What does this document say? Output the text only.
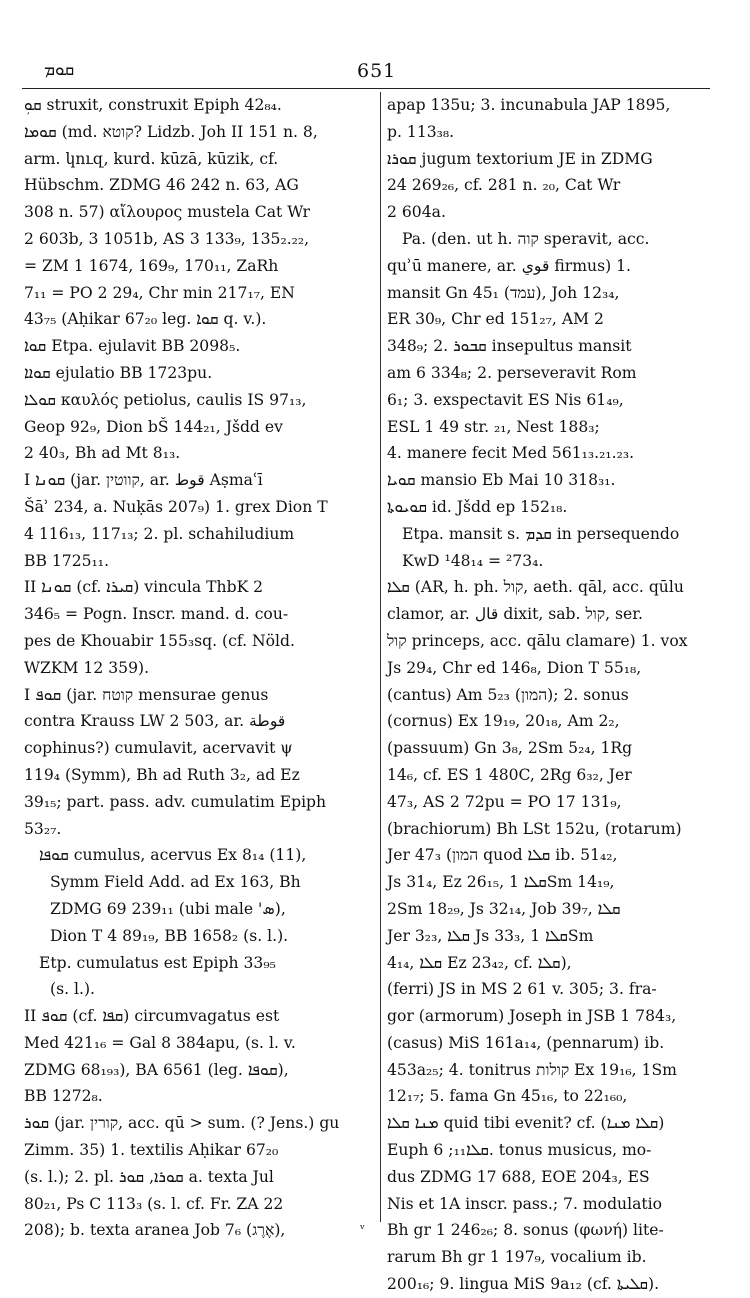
ܩܘܡ	651
ܩܘܼ struxit, construxit Epiph 42₈₄.
ܩܘܡܐ (md. קוטא? Lidzb. Joh II 151 n. 8,
arm. կուզ, kurd. kūzā, kūzik, cf.
Hübschm. ZDMG 46 242 n. 63, AG
308 n. 57) αἴλουρος mustela Cat Wr
2 603b, 3 1051b, AS 3 133₉, 135₂.₂₂,
= ZM 1 1674, 169₉, 170₁₁, ZaRh
7₁₁ = PO 2 29₄, Chr min 217₁₇, EN
43₇₅ (Aḥikar 67₂₀ leg. ܩܘܐ q. v.).
ܩܘܐ Etpa. ejulavit BB 2098₅.
ܩܘܐܐ ejulatio BB 1723pu.
ܩܘܠܐ καυλός petiolus, caulis IS 97₁₃,
Geop 92₉, Dion bŠ 144₂₁, Jšdd ev
2 40₃, Bh ad Mt 8₁₃.
I ܩܘܢܐ (jar. קווטין, ar. قوط Aṣmaʿī
Šāʾ 234, a. Nuḳās 207₉) 1. grex Dion T
4 116₁₃, 117₁₃; 2. pl. schahiludium
BB 1725₁₁.
II ܩܘܢܐ (cf. ܩܝܪܐ) vincula ThbK 2
346₅ = Pogn. Inscr. mand. d. cou-
pes de Khouabir 155₃sq. (cf. Nöld.
WZKM 12 359).
I ܩܘܦ (jar. קוטח mensurae genus
contra Krauss LW 2 503, ar. قوطة
cophinus?) cumulavit, acervavit ψ
119₄ (Symm), Bh ad Ruth 3₂, ad Ez
39₁₅; part. pass. adv. cumulatim Epiph
53₂₇.
ܩܘܦܐ cumulus, acervus Ex 8₁₄ (11),
Symm Field Add. ad Ex 163, Bh
ZDMG 69 239₁₁ (ubi male 'ܣ),
Dion T 4 89₁₉, BB 1658₂ (s. l.).
Etp. cumulatus est Epiph 33₉₅
(s. l.).
II ܩܘܦ (cf. ܩܦܐ) circumvagatus est
Med 421₁₆ = Gal 8 384apu, (s. l. v.
ZDMG 68₁₉₃), BA 6561 (leg. ܩܘܦܐ),
BB 1272₈.
ܩܘܪ (jar. קורין, acc. qū > sum. (? Jens.) gu
Zimm. 35) 1. textilis Aḥikar 67₂₀
(s. l.); 2. pl. ܩܘܪܐ, ܩܘܪ a. texta Jul
80₂₁, Ps C 113₃ (s. l. cf. Fr. ZA 22
208); b. texta aranea Job 7₆ (אֶרֶג),
apap 135u; 3. incunabula JAP 1895,
p. 113₃₈.
ܩܘܪܐ jugum textorium JE in ZDMG
24 269₂₆, cf. 281 n. ₂₀, Cat Wr
2 604a.
Pa. (den. ut h. קוה speravit, acc.
quʾū manere, ar. قوي firmus) 1.
mansit Gn 45₁ (עמד), Joh 12₃₄,
ER 30₉, Chr ed 151₂₇, AM 2
348₉; 2. ܩܒܘܪ insepultus mansit
am 6 334₈; 2. perseveravit Rom
6₁; 3. exspectavit ES Nis 61₄₉,
ESL 1 49 str. ₂₁, Nest 188₃;
4. manere fecit Med 561₁₃.₂₁.₂₃.
ܩܘܝܐ mansio Eb Mai 10 318₃₁.
ܩܘܝܘܬܐ id. Jšdd ep 152₁₈.
Etpa. mansit s. ܩܕܡ in persequendo
KwD ¹48₁₄ = ²73₄.
ܩܠܐ (AR, h. ph. קול, aeth. qāl, acc. qūlu
clamor, ar. قال dixit, sab. קול, ser.
קול princeps, acc. qālu clamare) 1. vox
Js 29₄, Chr ed 146₈, Dion T 55₁₈,
(cantus) Am 5₂₃ (המון); 2. sonus
(cornus) Ex 19₁₉, 20₁₈, Am 2₂,
(passuum) Gn 3₈, 2Sm 5₂₄, 1Rg
14₆, cf. ES 1 480C, 2Rg 6₃₂, Jer
47₃, AS 2 72pu = PO 17 131₉,
(brachiorum) Bh LSt 152u, (rotarum)
Jer 47₃ (המון quod ܩܠܐ ib. 51₄₂,
Js 31₄, Ez 26₁₅, ܩܠܐ 1Sm 14₁₉,
2Sm 18₂₉, Js 32₁₄, Job 39₇, ܩܠܐ
Jer 3₂₃, ܩܠܐ Js 33₃, ܩܠܐ 1Sm
4₁₄, ܩܠܐ Ez 23₄₂, cf. ܩܠܐ),
(ferri) JS in MS 2 61 v. 305; 3. fra-
gor (armorum) Joseph in JSB 1 784₃,
(casus) MiS 161a₁₄, (pennarum) ib.
453a₂₅; 4. tonitrus קולות Ex 19₁₆, 1Sm
12₁₇; 5. fama Gn 45₁₆, to 22₁₆₀,
ܡܢܐ ܩܠܐ quid tibi evenit? cf. (ܩܠܐ ܡܢܐ)
Euph ܩܠܐ₁₁; 6. tonus musicus, mo-
dus ZDMG 17 688, EOE 204₃, ES
Nis et 1A inscr. pass.; 7. modulatio
Bh gr 1 246₂₆; 8. sonus (φωνή) lite-
rarum Bh gr 1 197₉, vocalium ib.
200₁₆; 9. lingua MiS 9a₁₂ (cf. ܩܠܝܬܐ).
ᵛ
